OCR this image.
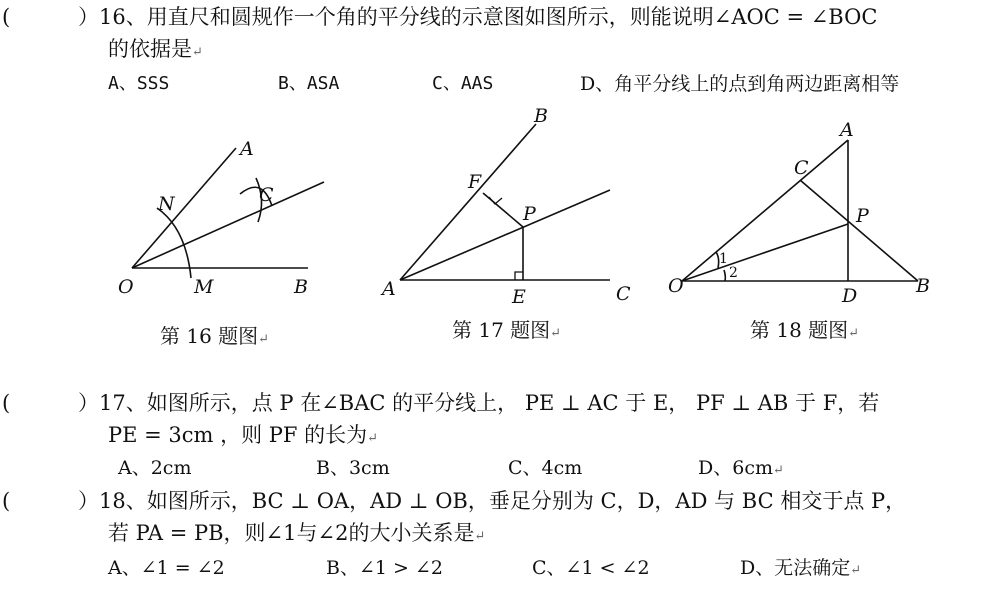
(	）16、用直尺和圆规作一个角的平分线的示意图如图所示，则能说明∠AOC = ∠BOC
的依据是↵
A、SSS	B、ASA	C、AAS	D、角平分线上的点到角两边距离相等
A
N	C
O	M	B
B
F
P
A	E	C
A
C
P
O	D	B
1
2
第 16 题图↵	第 17 题图↵	第 18 题图↵
(	）17、如图所示，点 P 在∠BAC 的平分线上， PE ⊥ AC 于 E， PF ⊥ AB 于 F，若
PE = 3cm ，则 PF 的长为↵
A、2cm	B、3cm	C、4cm	D、6cm↵
(	）18、如图所示，BC ⊥ OA，AD ⊥ OB，垂足分别为 C，D，AD 与 BC 相交于点 P，
若 PA = PB，则∠1与∠2的大小关系是↵
A、∠1 = ∠2	B、∠1 > ∠2	C、∠1 < ∠2	D、无法确定↵
